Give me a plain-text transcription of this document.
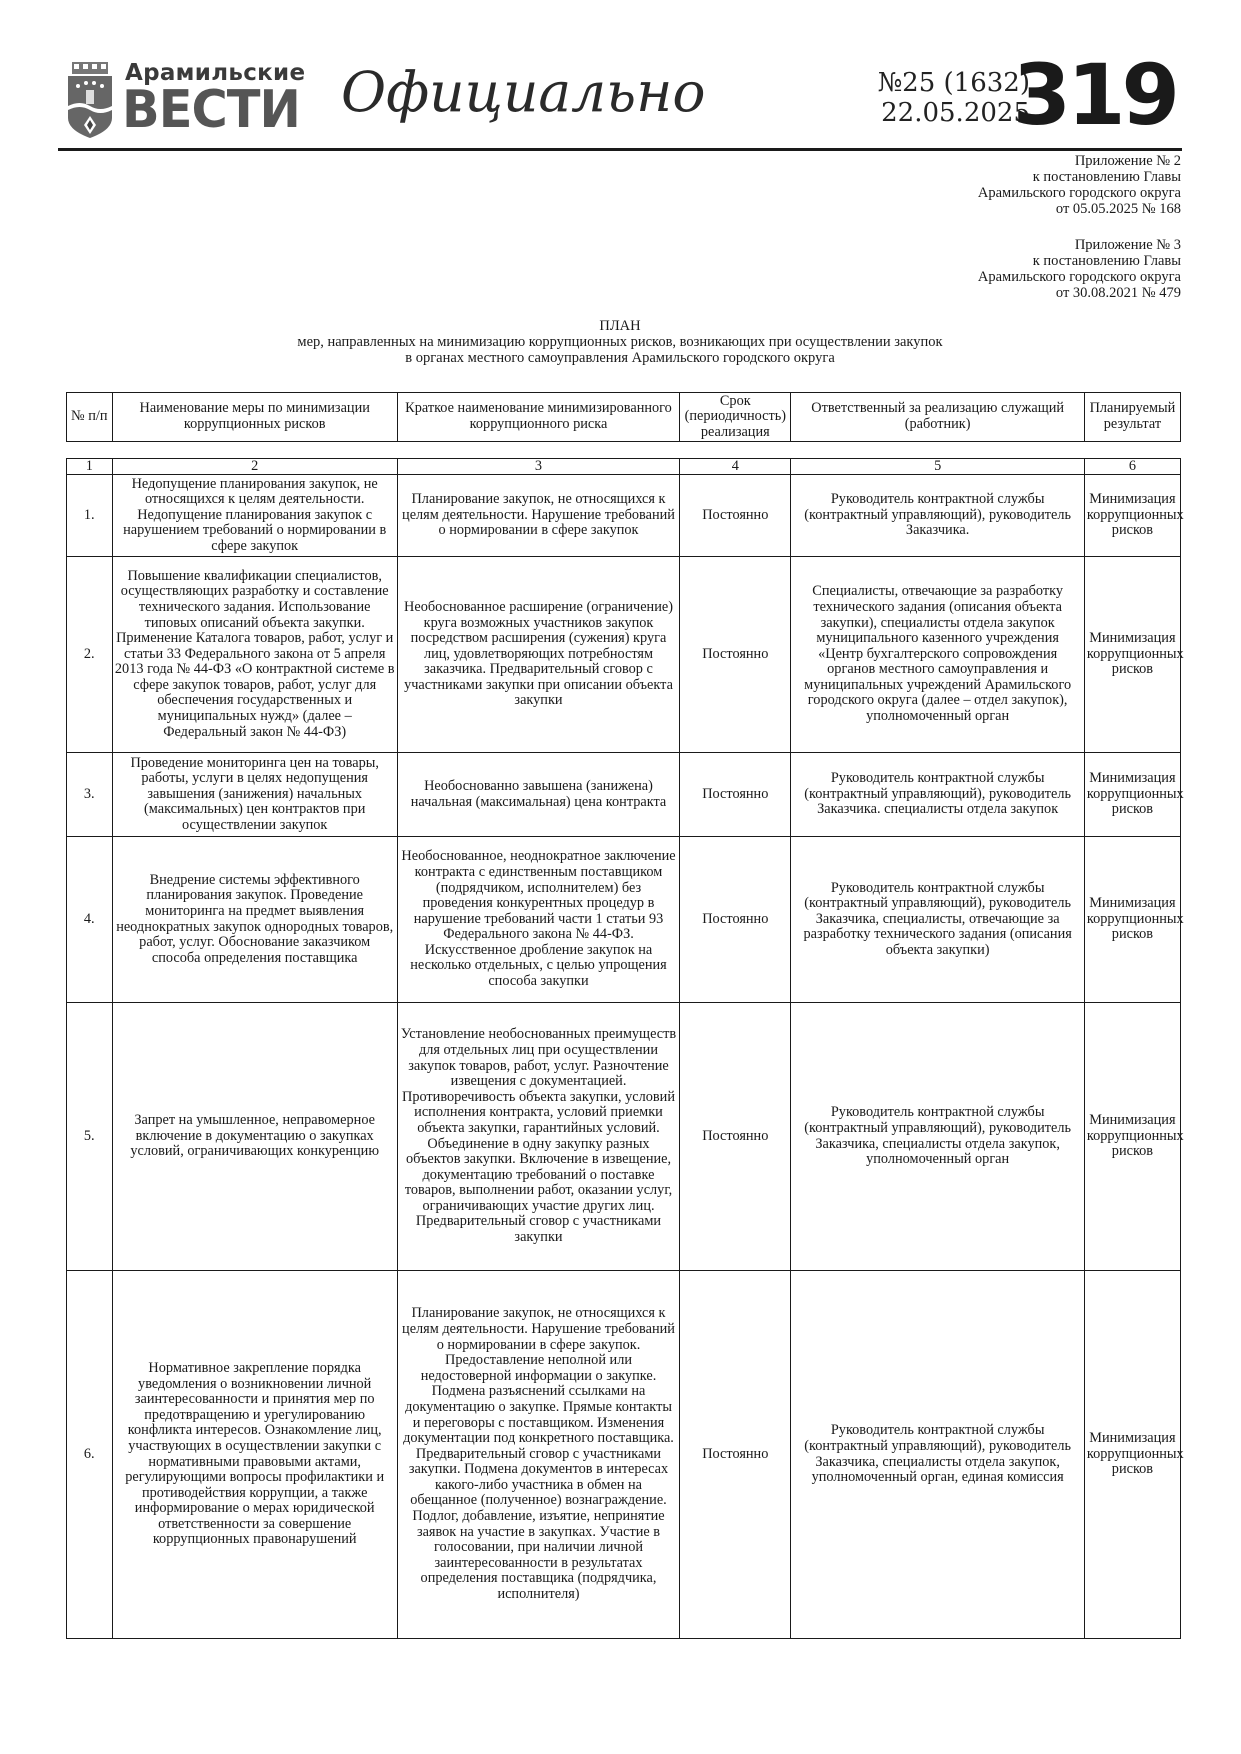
Арамильские
ВЕСТИ Официально	№25 (1632)
22.05.2025
319
Приложение № 2
к постановлению Главы
Арамильского городского округа
от 05.05.2025 № 168
Приложение № 3
к постановлению Главы
Арамильского городского округа
от 30.08.2021 № 479
ПЛАН
мер, направленных на минимизацию коррупционных рисков, возникающих при осуществлении закупок
в органах местного самоуправления Арамильского городского округа
№ п/п	Наименование меры по минимизации коррупционных рисков	Краткое наименование минимизированного коррупционного риска	Срок (периодичность) реализация	Ответственный за реализацию служащий (работник)	Планируемый результат
1	2	3	4	5	6
1.	Недопущение планирования закупок, не относящихся к целям деятельности. Недопущение планирования закупок с нарушением требований о нормировании в сфере закупок	Планирование закупок, не относящихся к целям деятельности. Нарушение требований о нормировании в сфере закупок	Постоянно	Руководитель контрактной службы (контрактный управляющий), руководитель Заказчика.	Минимизация коррупционных рисков
2.	Повышение квалификации специалистов, осуществляющих разработку и составление технического задания. Использование типовых описаний объекта закупки. Применение Каталога товаров, работ, услуг и статьи 33 Федерального закона от 5 апреля 2013 года № 44-ФЗ «О контрактной системе в сфере закупок товаров, работ, услуг для обеспечения государственных и муниципальных нужд» (далее – Федеральный закон № 44-ФЗ)	Необоснованное расширение (ограничение) круга возможных участников закупок посредством расширения (сужения) круга лиц, удовлетворяющих потребностям заказчика. Предварительный сговор с участниками закупки при описании объекта закупки	Постоянно	Специалисты, отвечающие за разработку технического задания (описания объекта закупки), специалисты отдела закупок муниципального казенного учреждения «Центр бухгалтерского сопровождения органов местного самоуправления и муниципальных учреждений Арамильского городского округа (далее – отдел закупок), уполномоченный орган	Минимизация коррупционных рисков
3.	Проведение мониторинга цен на товары, работы, услуги в целях недопущения завышения (занижения) начальных (максимальных) цен контрактов при осуществлении закупок	Необоснованно завышена (занижена) начальная (максимальная) цена контракта	Постоянно	Руководитель контрактной службы (контрактный управляющий), руководитель Заказчика. специалисты отдела закупок	Минимизация коррупционных рисков
4.	Внедрение системы эффективного планирования закупок. Проведение мониторинга на предмет выявления неоднократных закупок однородных товаров, работ, услуг. Обоснование заказчиком способа определения поставщика	Необоснованное, неоднократное заключение контракта с единственным поставщиком (подрядчиком, исполнителем) без проведения конкурентных процедур в нарушение требований части 1 статьи 93 Федерального закона № 44-ФЗ. Искусственное дробление закупок на несколько отдельных, с целью упрощения способа закупки	Постоянно	Руководитель контрактной службы (контрактный управляющий), руководитель Заказчика, специалисты, отвечающие за разработку технического задания (описания объекта закупки)	Минимизация коррупционных рисков
5.	Запрет на умышленное, неправомерное включение в документацию о закупках условий, ограничивающих конкуренцию	Установление необоснованных преимуществ для отдельных лиц при осуществлении закупок товаров, работ, услуг. Разночтение извещения с документацией. Противоречивость объекта закупки, условий исполнения контракта, условий приемки объекта закупки, гарантийных условий. Объединение в одну закупку разных объектов закупки. Включение в извещение, документацию требований о поставке товаров, выполнении работ, оказании услуг, ограничивающих участие других лиц. Предварительный сговор с участниками закупки	Постоянно	Руководитель контрактной службы (контрактный управляющий), руководитель Заказчика, специалисты отдела закупок, уполномоченный орган	Минимизация коррупционных рисков
6.	Нормативное закрепление порядка уведомления о возникновении личной заинтересованности и принятия мер по предотвращению и урегулированию конфликта интересов. Ознакомление лиц, участвующих в осуществлении закупки с нормативными правовыми актами, регулирующими вопросы профилактики и противодействия коррупции, а также информирование о мерах юридической ответственности за совершение коррупционных правонарушений	Планирование закупок, не относящихся к целям деятельности. Нарушение требований о нормировании в сфере закупок. Предоставление неполной или недостоверной информации о закупке. Подмена разъяснений ссылками на документацию о закупке. Прямые контакты и переговоры с поставщиком. Изменения документации под конкретного поставщика. Предварительный сговор с участниками закупки. Подмена документов в интересах какого-либо участника в обмен на обещанное (полученное) вознаграждение. Подлог, добавление, изъятие, непринятие заявок на участие в закупках. Участие в голосовании, при наличии личной заинтересованности в результатах определения поставщика (подрядчика, исполнителя)	Постоянно	Руководитель контрактной службы (контрактный управляющий), руководитель Заказчика, специалисты отдела закупок, уполномоченный орган, единая комиссия	Минимизация коррупционных рисков
